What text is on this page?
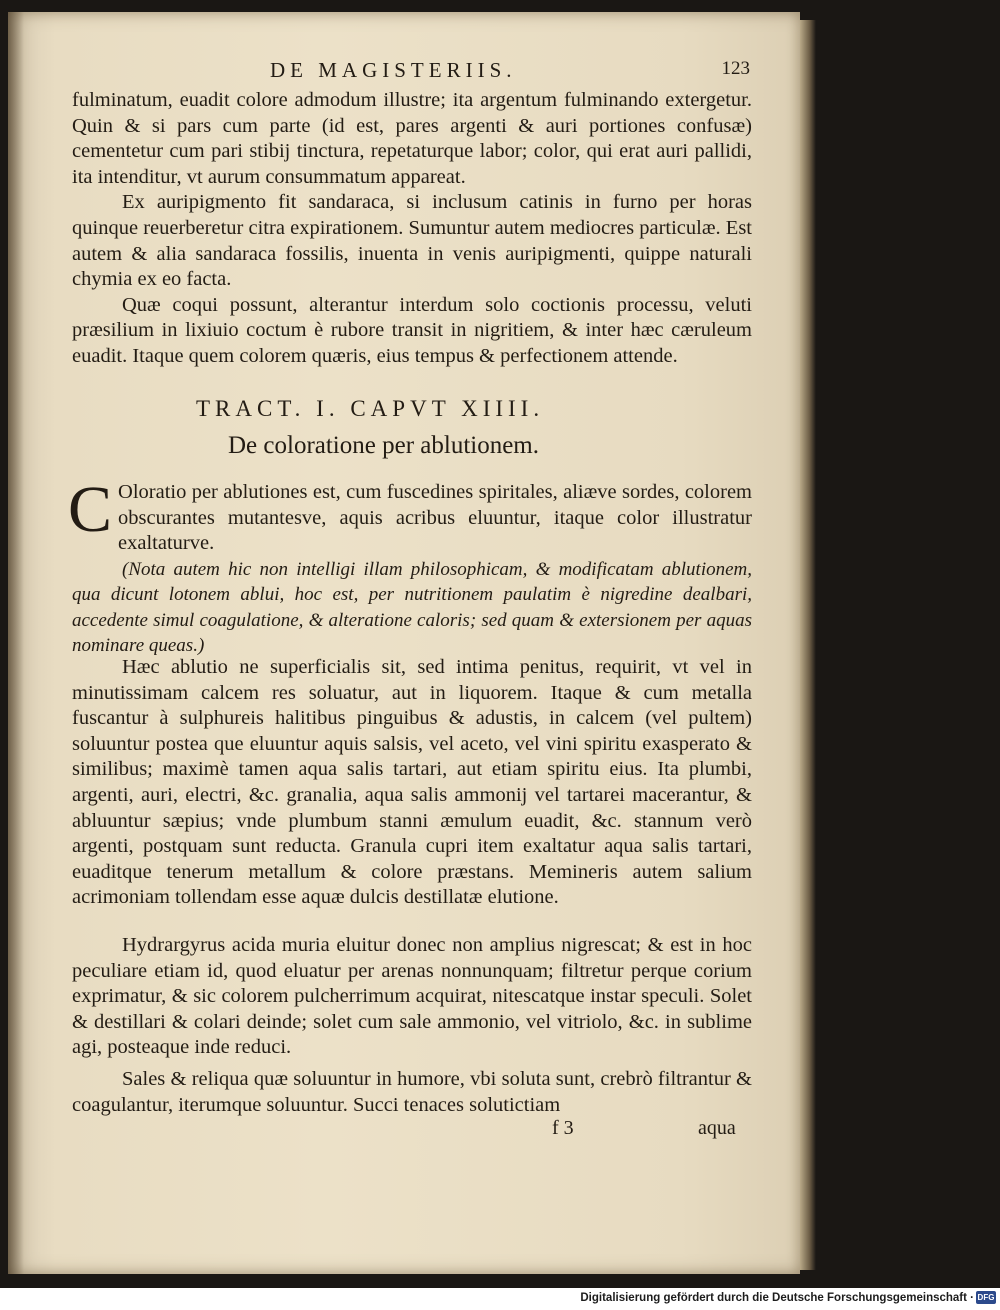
DE MAGISTERIIS.	123

fulminatum, euadit colore admodum illustre; ita argentum fulminando extergetur. Quin & si pars cum parte (id est, pares argenti & auri portiones confusæ) cementetur cum pari stibij tinctura, repetaturque labor; color, qui erat auri pallidi, ita intenditur, vt aurum consummatum appareat.

Ex auripigmento fit sandaraca, si inclusum catinis in furno per horas quinque reuerberetur citra expirationem. Sumuntur autem mediocres particulæ. Est autem & alia sandaraca fossilis, inuenta in venis auripigmenti, quippe naturali chymia ex eo facta.

Quæ coqui possunt, alterantur interdum solo coctionis processu, veluti præsilium in lixiuio coctum è rubore transit in nigritiem, & inter hæc cæruleum euadit. Itaque quem colorem quæris, eius tempus & perfectionem attende.

TRACT. I. CAPVT XIIII.
De coloratione per ablutionem.
C Oloratio per ablutiones est, cum fuscedines spiritales, aliæve sordes, colorem obscurantes mutantesve, aquis acribus eluuntur, itaque color illustratur exaltaturve.

(Nota autem hic non intelligi illam philosophicam, & modificatam ablutionem, qua dicunt lotonem ablui, hoc est, per nutritionem paulatim è nigredine dealbari, accedente simul coagulatione, & alteratione caloris; sed quam & extersionem per aquas nominare queas.)

Hæc ablutio ne superficialis sit, sed intima penitus, requirit, vt vel in minutissimam calcem res soluatur, aut in liquorem. Itaque & cum metalla fuscantur à sulphureis halitibus pinguibus & adustis, in calcem (vel pultem) soluuntur postea que eluuntur aquis salsis, vel aceto, vel vini spiritu exasperato & similibus; maximè tamen aqua salis tartari, aut etiam spiritu eius. Ita plumbi, argenti, auri, electri, &c. granalia, aqua salis ammonij vel tartarei macerantur, & abluuntur sæpius; vnde plumbum stanni æmulum euadit, &c. stannum verò argenti, postquam sunt reducta. Granula cupri item exaltatur aqua salis tartari, euaditque tenerum metallum & colore præstans. Memineris autem salium acrimoniam tollendam esse aquæ dulcis destillatæ elutione.

Hydrargyrus acida muria eluitur donec non amplius nigrescat; & est in hoc peculiare etiam id, quod eluatur per arenas nonnunquam; filtretur perque corium exprimatur, & sic colorem pulcherrimum acquirat, nitescatque instar speculi. Solet & destillari & colari deinde; solet cum sale ammonio, vel vitriolo, &c. in sublime agi, posteaque inde reduci.

Sales & reliqua quæ soluuntur in humore, vbi soluta sunt, crebrò filtrantur & coagulantur, iterumque soluuntur. Succi tenaces solutictiam

f 3	aqua
Digitalisierung gefördert durch die Deutsche Forschungsgemeinschaft · DFG
